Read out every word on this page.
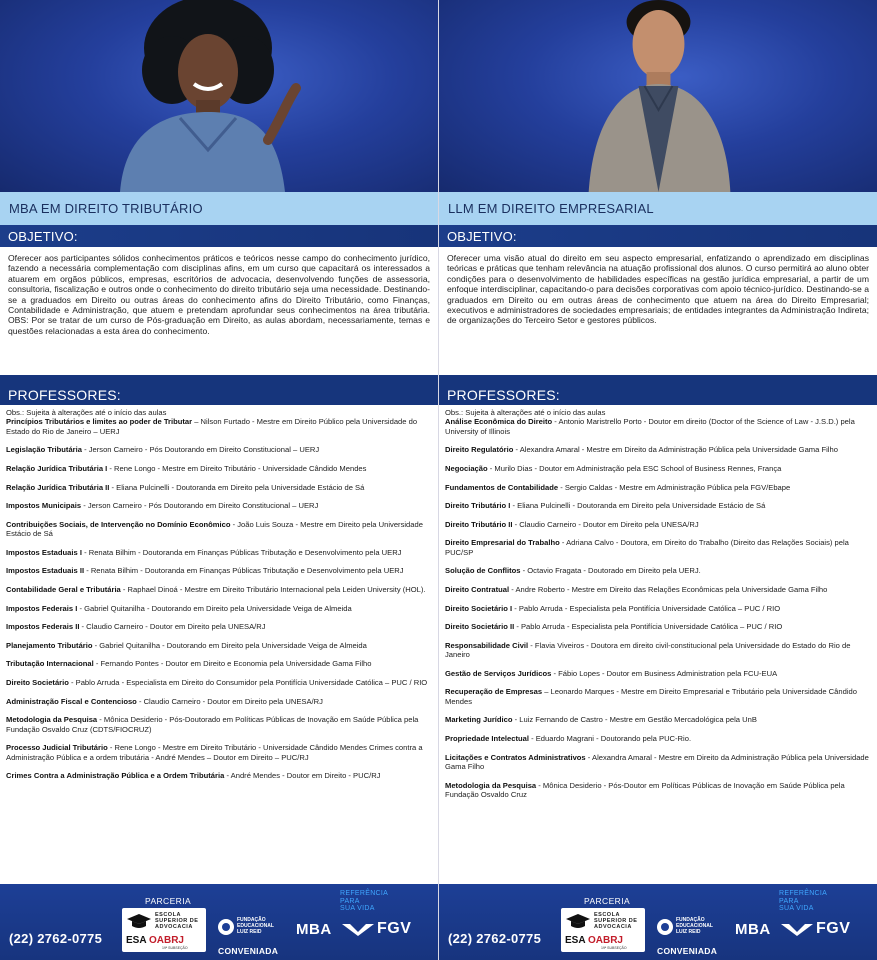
MBA EM DIREITO TRIBUTÁRIO
OBJETIVO:
Oferecer aos participantes sólidos conhecimentos práticos e teóricos nesse campo do conhecimento jurídico, fazendo a necessária complementação com disciplinas afins, em um curso que capacitará os interessados a atuarem em orgãos públicos, empresas, escritórios de advocacia, desenvolvendo funções de assessoria, consultoria, fiscalização e outros onde o conhecimento do direito tributário seja uma necessidade. Destinando-se a graduados em Direito ou outras áreas do conhecimento afins do Direito Tributário, como Finanças, Contabilidade e Administração, que atuem e pretendam aprofundar seus conhecimentos na área tributária. OBS: Por se tratar de um curso de Pós-graduação em Direito, as aulas abordam, necessariamente, temas e questões relacionadas a esta área do conhecimento.
PROFESSORES:
Obs.: Sujeita à alterações até o início das aulas
Princípios Tributários e limites ao poder de Tributar – Nilson Furtado - Mestre em Direito Público pela Universidade do Estado do Rio de Janeiro – UERJ
Legislação Tributária - Jerson Carneiro - Pós Doutorando em Direito Constitucional – UERJ
Relação Jurídica Tributária I - Rene Longo - Mestre em Direito Tributário - Universidade Cândido Mendes
Relação Jurídica Tributária II - Eliana Pulcinelli - Doutoranda em Direito pela Universidade Estácio de Sá
Impostos Municipais - Jerson Carneiro - Pós Doutorando em Direito Constitucional – UERJ
Contribuições Sociais, de Intervenção no Domínio Econômico - João Luis Souza - Mestre em Direito pela Universidade Estácio de Sá
Impostos Estaduais I - Renata Bilhim - Doutoranda em Finanças Públicas Tributação e Desenvolvimento pela UERJ
Impostos Estaduais II - Renata Bilhim - Doutoranda em Finanças Públicas Tributação e Desenvolvimento pela UERJ
Contabilidade Geral e Tributária - Raphael Dinoá - Mestre em Direito Tributário Internacional pela Leiden University (HOL).
Impostos Federais I - Gabriel Quitanilha - Doutorando em Direito pela Universidade Veiga de Almeida
Impostos Federais II - Claudio Carneiro - Doutor em Direito pela UNESA/RJ
Planejamento Tributário - Gabriel Quitanilha - Doutorando em Direito pela Universidade Veiga de Almeida
Tributação Internacional - Fernando Pontes - Doutor em Direito e Economia pela Universidade Gama Filho
Direito Societário - Pablo Arruda - Especialista em Direito do Consumidor pela Pontifícia Universidade Católica – PUC / RIO
Administração Fiscal e Contencioso - Claudio Carneiro - Doutor em Direito pela UNESA/RJ
Metodologia da Pesquisa - Mônica Desiderio - Pós-Doutorado em Políticas Públicas de Inovação em Saúde Pública pela Fundação Osvaldo Cruz (CDTS/FIOCRUZ)
Processo Judicial Tributário - Rene Longo - Mestre em Direito Tributário - Universidade Cândido Mendes Crimes contra a Administração Pública e a ordem tributária - André Mendes – Doutor em Direito – PUC/RJ
Crimes Contra a Administração Pública e a Ordem Tributária - André Mendes - Doutor em Direito - PUC/RJ
(22) 2762-0775
PARCERIA
ESCOLA
SUPERIOR DE
ADVOCACIA
ESA OABRJ
19ª SUBSEÇÃO
FUNDAÇÃO
EDUCACIONAL
LUIZ REID
CONVENIADA
REFERÊNCIA
PARA
SUA VIDA
MBA	FGV
LLM EM DIREITO EMPRESARIAL
OBJETIVO:
Oferecer uma visão atual do direito em seu aspecto empresarial, enfatizando o aprendizado em disciplinas teóricas e práticas que tenham relevância na atuação profissional dos alunos. O curso permitirá ao aluno obter condições para o desenvolvimento de habilidades específicas na gestão jurídica empresarial, a partir de um enfoque interdisciplinar, capacitando-o para decisões corporativas com apoio técnico-jurídico. Destinando-se a graduados em Direito ou em outras áreas de conhecimento que atuem na área do Direito Empresarial; executivos e administradores de sociedades empresariais; de entidades integrantes da Administração Indireta; de organizações do Terceiro Setor e gestores públicos.
PROFESSORES:
Obs.: Sujeita à alterações até o início das aulas
Análise Econômica do Direito - Antonio Maristrello Porto - Doutor em direito (Doctor of the Science of Law - J.S.D.) pela University of Illinois
Direito Regulatório - Alexandra Amaral - Mestre em Direito da Administração Pública pela Universidade Gama Filho
Negociação - Murilo Dias - Doutor em Administração pela ESC School of Business Rennes, França
Fundamentos de Contabilidade - Sergio Caldas - Mestre em Administração Pública pela FGV/Ebape
Direito Tributário I - Eliana Pulcinelli - Doutoranda em Direito pela Universidade Estácio de Sá
Direito Tributário II - Claudio Carneiro - Doutor em Direito pela UNESA/RJ
Direito Empresarial do Trabalho - Adriana Calvo - Doutora, em Direito do Trabalho (Direito das Relações Sociais) pela PUC/SP
Solução de Conflitos - Octavio Fragata - Doutorado em Direito pela UERJ.
Direito Contratual - Andre Roberto - Mestre em Direito das Relações Econômicas pela Universidade Gama Filho
Direito Societário I - Pablo Arruda - Especialista pela Pontifícia Universidade Católica – PUC / RIO
Direito Societário II - Pablo Arruda - Especialista pela Pontifícia Universidade Católica – PUC / RIO
Responsabilidade Civil - Flavia Viveiros - Doutora em direito civil-constitucional pela Universidade do Estado do Rio de Janeiro
Gestão de Serviços Jurídicos - Fábio Lopes - Doutor em Business Administration pela FCU-EUA
Recuperação de Empresas – Leonardo Marques - Mestre em Direito Empresarial e Tributário pela Universidade Cândido Mendes
Marketing Jurídico - Luiz Fernando de Castro - Mestre em Gestão Mercadológica pela UnB
Propriedade Intelectual - Eduardo Magrani - Doutorando pela PUC-Rio.
Licitações e Contratos Administrativos - Alexandra Amaral - Mestre em Direito da Administração Pública pela Universidade Gama Filho
Metodologia da Pesquisa - Mônica Desiderio - Pós-Doutor em Políticas Públicas de Inovação em Saúde Pública pela Fundação Osvaldo Cruz
(22) 2762-0775
PARCERIA
ESCOLA
SUPERIOR DE
ADVOCACIA
ESA OABRJ
19ª SUBSEÇÃO
FUNDAÇÃO
EDUCACIONAL
LUIZ REID
CONVENIADA
REFERÊNCIA
PARA
SUA VIDA
MBA	FGV
